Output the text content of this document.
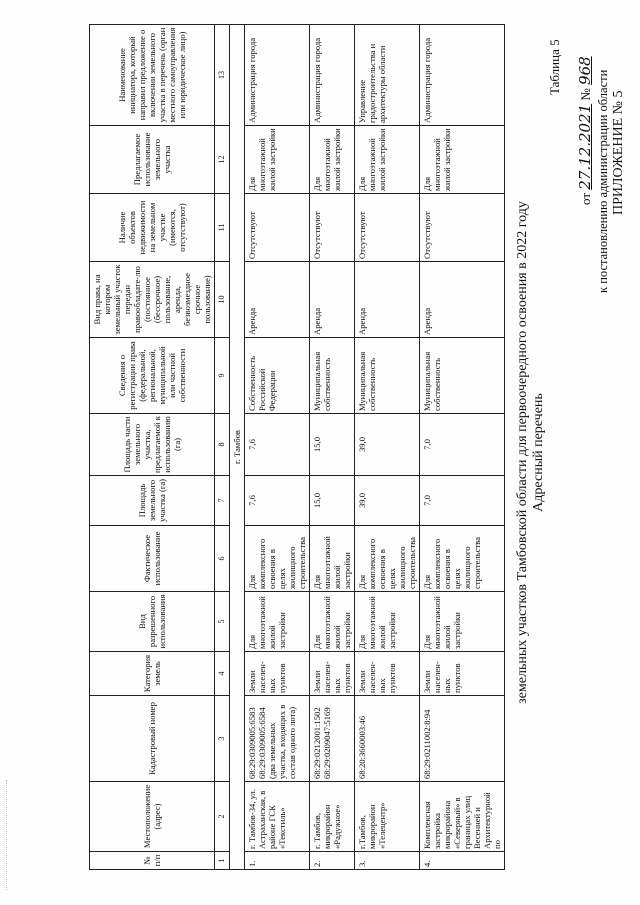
ПРИЛОЖЕНИЕ № 5
к постановлению администрации области
от 27.12.2021 № 968
Таблица 5
Адресный перечень
земельных участков Тамбовской области для первоочередного освоения в 2022 году
№ п/п	Местоположение (адрес)	Кадастровый номер	Категория земель	Вид разрешенного использования	Фактическое использование	Площадь земельного участка (га)	Площадь части земельного участка, предлагаемой к использованию (га)	Сведения о регистрации права (федеральной, региональной, муниципальной или частной собственности	Вид права, на котором земельный участок передан правообладате-лю (постоянное (бессрочное) пользование, аренда, безвозмездное срочное пользование)	Наличие объектов недвижимости на земельном участке (имеются, отсутствуют)	Предлагаемое использование земельного участка	Наименование инициатора, который направил предложение о включении земельного участка в перечень (орган местного самоуправления или юридическое лицо)
1	2	3	4	5	6	7	8	9	10	11	12	13
г. Тамбов												
1.	г. Тамбов-34, ул. Астраханская, в районе ГСК «Текстиль»	68:29:0309005:6583 68:29:0309005:6584 (два земельных участка, входящих в состав одного лота)	Земли населен-ных пунктов	Для многоэтажной жилой застройки	Для комплексного освоения в целях жилищного строительства	7,6	7,6	Собственность Российской Федерации	Аренда	Отсутствуют	Для многоэтажной жилой застройки	Администрация города
2.	г. Тамбов, микрорайон «Радужное»	68:29:0212001:1502 68:29:0209047:5169	Земли населен-ных пунктов	Для многоэтажной жилой застройки	Для многоэтажной жилой застройки	15,0	15,0	Муниципальная собственность	Аренда	Отсутствуют	Для многоэтажной жилой застройки	Администрация города
3.	г.Тамбов, микрорайон «Телецентр»	68:20:3660003:46	Земли населен-ных пунктов	Для многоэтажной жилой застройки	Для комплексного освоения в целях жилищного строительства	39,0	39,0	Муниципальная собственность	Аренда	Отсутствуют	Для многоэтажной жилой застройки	Управление градостроительства и архитектуры области
4.	Комплексная застройка микрорайона «Северный» в границах улиц Весенней и Архитектурной по	68:29:0211002:8:94	Земли населен-ных пунктов	Для многоэтажной жилой застройки	Для комплексного освоения в целях жилищного строительства	7,0	7,0	Муниципальная собственность	Аренда	Отсутствуют	Для многоэтажной жилой застройки	Администрация города
